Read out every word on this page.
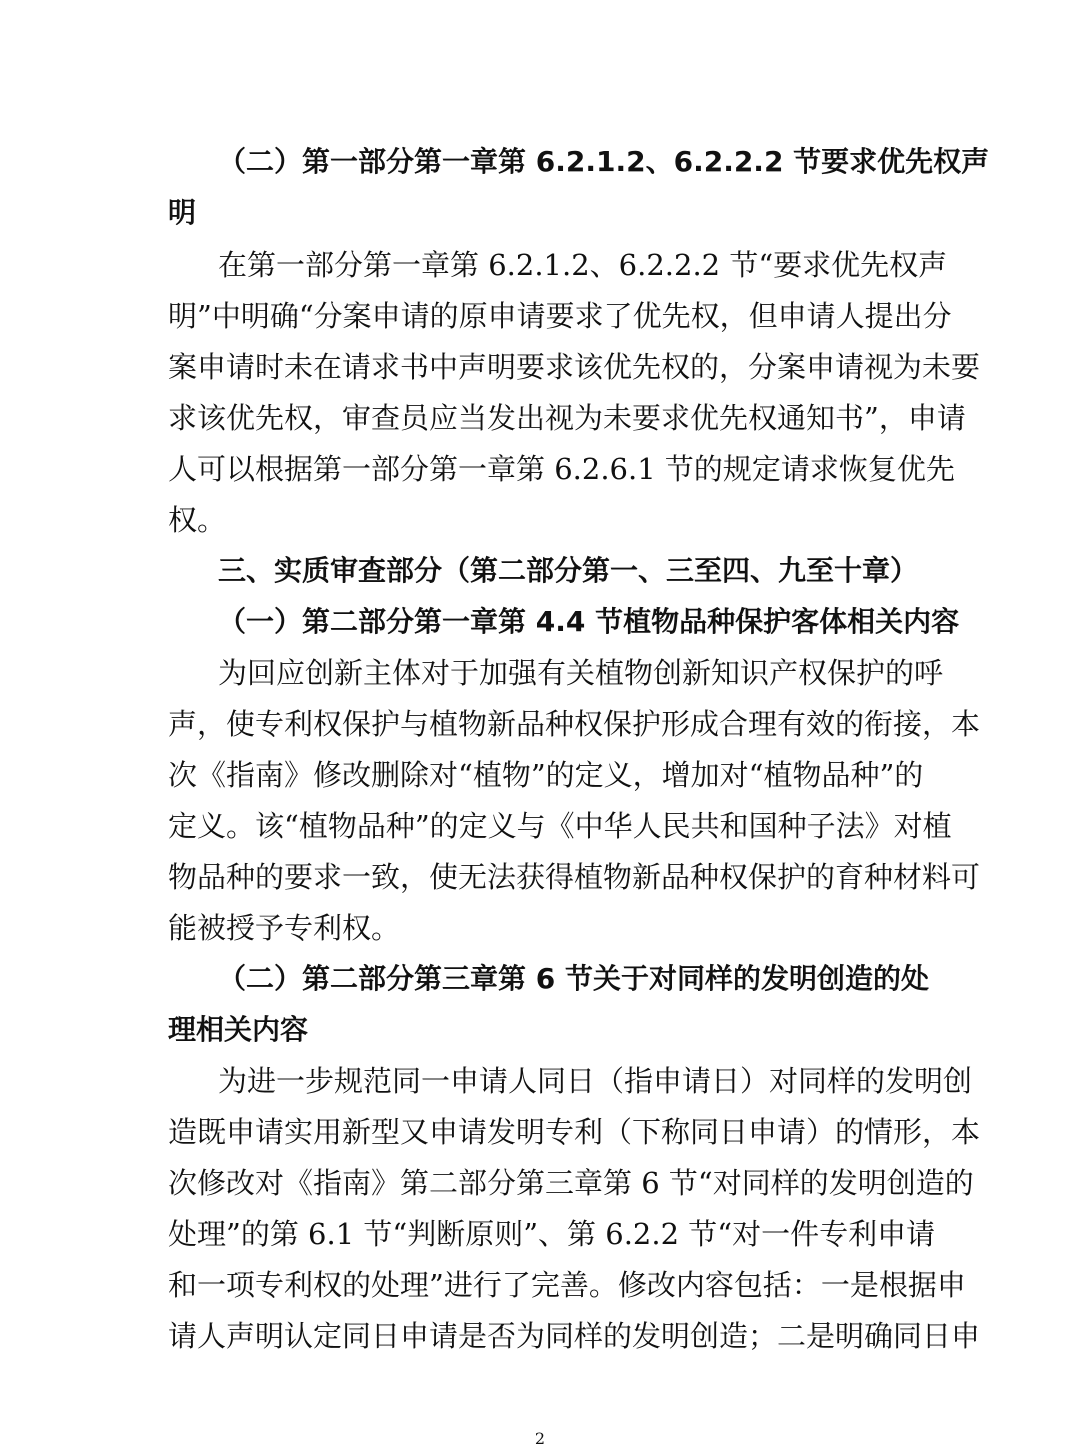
（二）第一部分第一章第 6.2.1.2、6.2.2.2 节要求优先权声
明
在第一部分第一章第 6.2.1.2、6.2.2.2 节“要求优先权声
明”中明确“分案申请的原申请要求了优先权，但申请人提出分
案申请时未在请求书中声明要求该优先权的，分案申请视为未要
求该优先权，审查员应当发出视为未要求优先权通知书”，申请
人可以根据第一部分第一章第 6.2.6.1 节的规定请求恢复优先
权。
三、实质审查部分（第二部分第一、三至四、九至十章）
（一）第二部分第一章第 4.4 节植物品种保护客体相关内容
为回应创新主体对于加强有关植物创新知识产权保护的呼
声，使专利权保护与植物新品种权保护形成合理有效的衔接，本
次《指南》修改删除对“植物”的定义，增加对“植物品种”的
定义。该“植物品种”的定义与《中华人民共和国种子法》对植
物品种的要求一致，使无法获得植物新品种权保护的育种材料可
能被授予专利权。
（二）第二部分第三章第 6 节关于对同样的发明创造的处
理相关内容
为进一步规范同一申请人同日（指申请日）对同样的发明创
造既申请实用新型又申请发明专利（下称同日申请）的情形，本
次修改对《指南》第二部分第三章第 6 节“对同样的发明创造的
处理”的第 6.1 节“判断原则”、第 6.2.2 节“对一件专利申请
和一项专利权的处理”进行了完善。修改内容包括：一是根据申
请人声明认定同日申请是否为同样的发明创造；二是明确同日申
2
